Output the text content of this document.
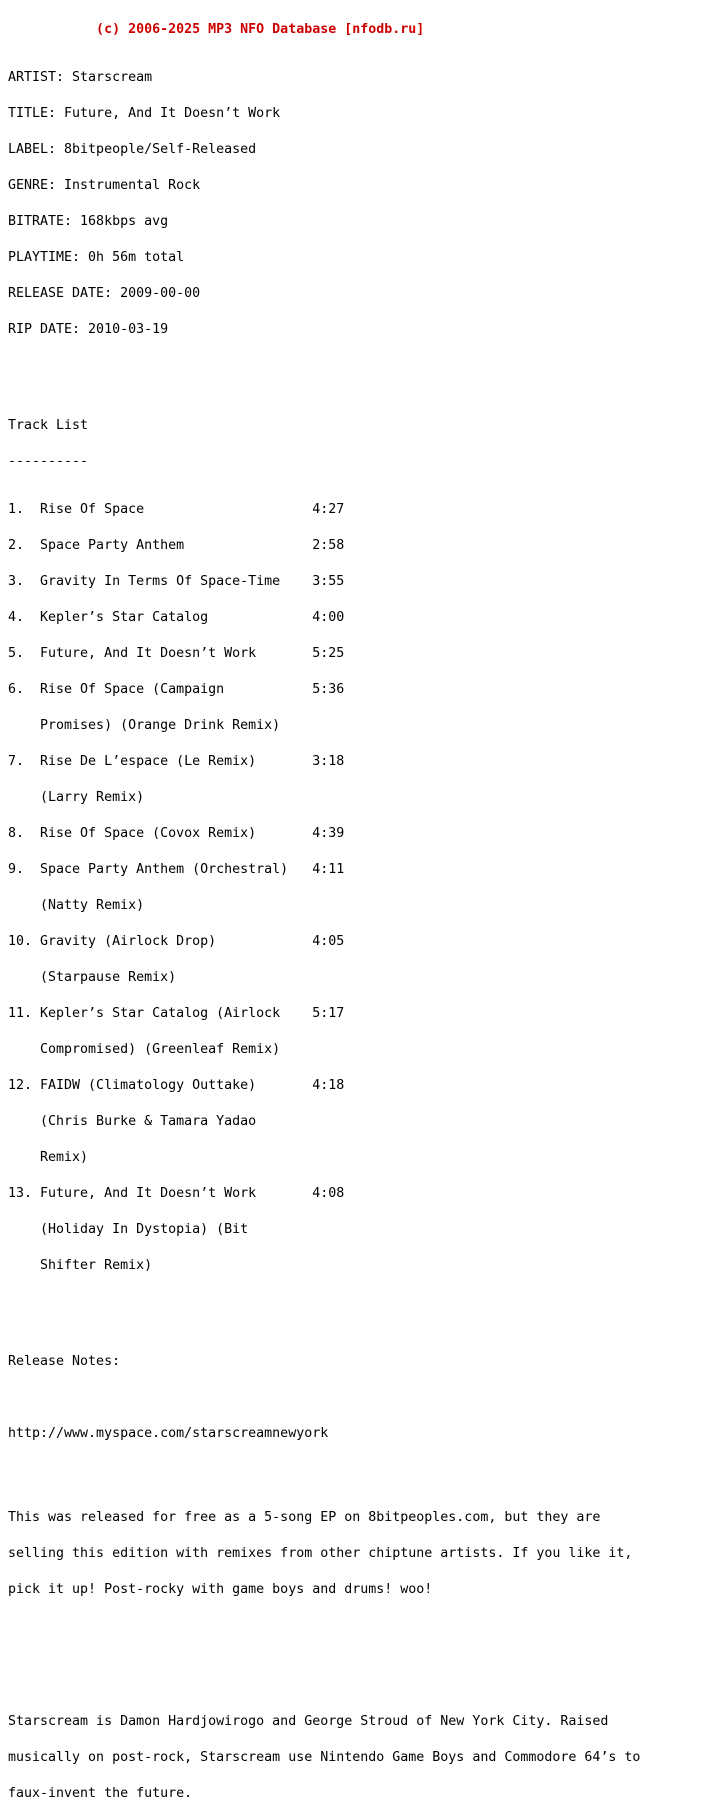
(c) 2006-2025 MP3 NFO Database [nfodb.ru]

ARTIST: Starscream

TITLE: Future, And It Doesn’t Work

LABEL: 8bitpeople/Self-Released

GENRE: Instrumental Rock

BITRATE: 168kbps avg

PLAYTIME: 0h 56m total

RELEASE DATE: 2009-00-00

RIP DATE: 2010-03-19

Track List

----------

1.  Rise Of Space                     4:27

2.  Space Party Anthem                2:58

3.  Gravity In Terms Of Space-Time    3:55

4.  Kepler’s Star Catalog             4:00

5.  Future, And It Doesn’t Work       5:25

6.  Rise Of Space (Campaign           5:36

Promises) (Orange Drink Remix)

7.  Rise De L’espace (Le Remix)       3:18

(Larry Remix)

8.  Rise Of Space (Covox Remix)       4:39

9.  Space Party Anthem (Orchestral)   4:11

(Natty Remix)

10. Gravity (Airlock Drop)            4:05

(Starpause Remix)

11. Kepler’s Star Catalog (Airlock    5:17

Compromised) (Greenleaf Remix)

12. FAIDW (Climatology Outtake)       4:18

(Chris Burke & Tamara Yadao

Remix)

13. Future, And It Doesn’t Work       4:08

(Holiday In Dystopia) (Bit

Shifter Remix)

Release Notes:

http://www.myspace.com/starscreamnewyork

This was released for free as a 5-song EP on 8bitpeoples.com, but they are

selling this edition with remixes from other chiptune artists. If you like it,

pick it up! Post-rocky with game boys and drums! woo!

Starscream is Damon Hardjowirogo and George Stroud of New York City. Raised

musically on post-rock, Starscream use Nintendo Game Boys and Commodore 64’s to

faux-invent the future.
